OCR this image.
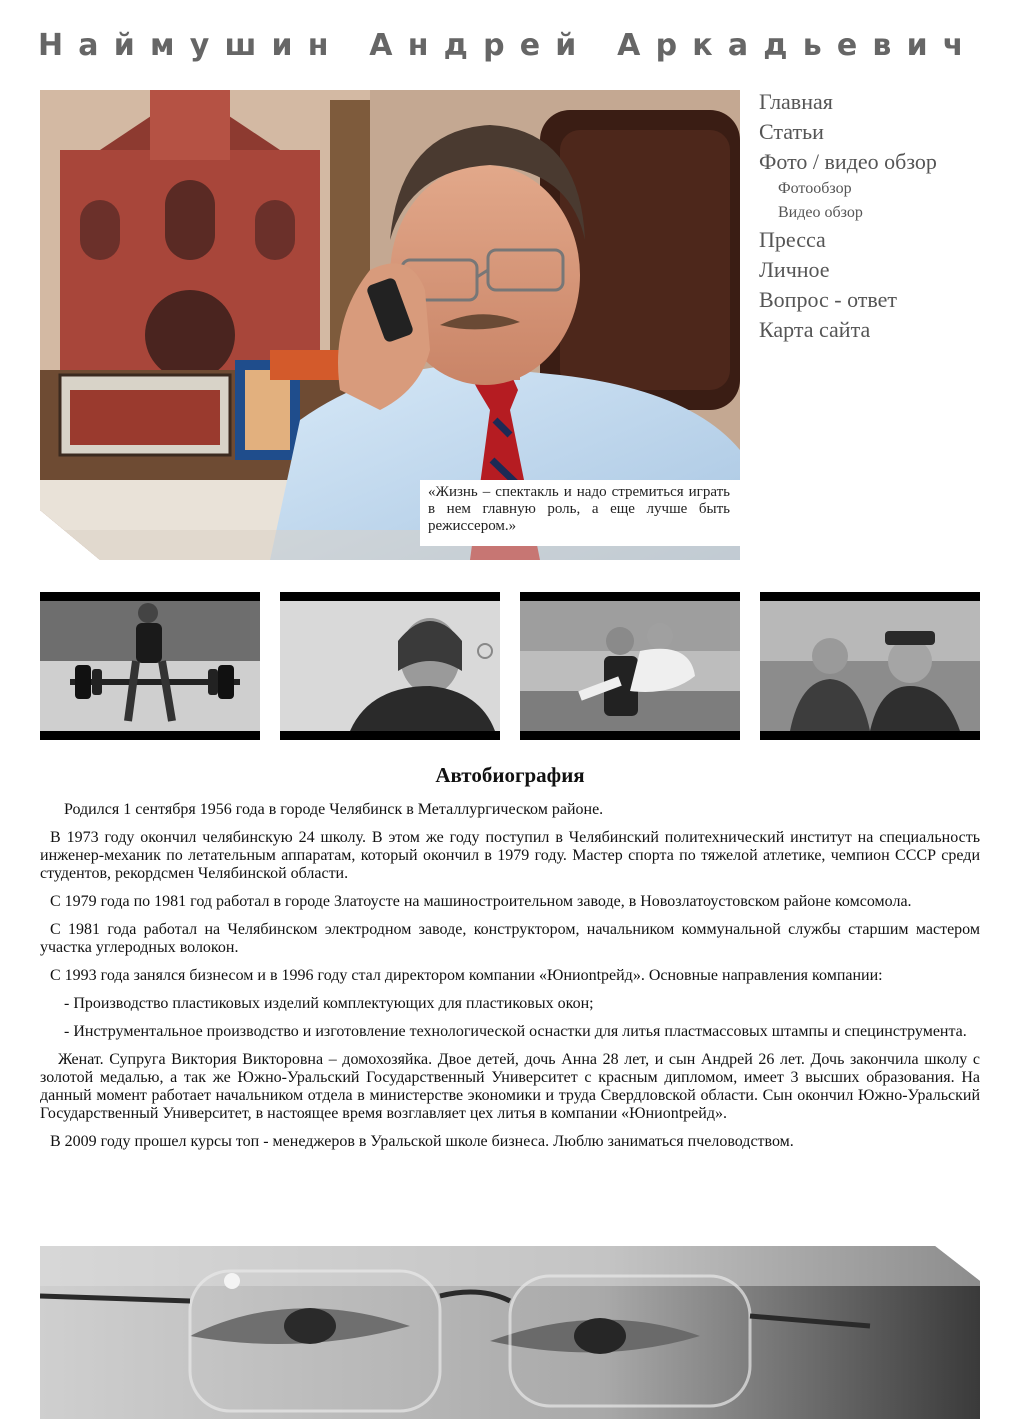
Наймушин Андрей Аркадьевич
«Жизнь – спектакль и надо стремиться играть в нем главную роль, а еще лучше быть режиссером.»
Главная
Статьи
Фото / видео обзор
Фотообзор
Видео обзор
Пресса
Личное
Вопрос - ответ
Карта сайта
Автобиография

Родился 1 сентября 1956 года в городе Челябинск в Металлургическом районе.

В 1973 году окончил челябинскую 24 школу. В этом же году поступил в Челябинский политехнический институт на специальность инженер-механик по летательным аппаратам, который окончил в 1979 году. Мастер спорта по тяжелой атлетике, чемпион СССР среди студентов, рекордсмен Челябинской области.

С 1979 года по 1981 год работал в городе Златоусте на машиностроительном заводе, в Новозлатоустовском районе комсомола.

С 1981 года работал на Челябинском электродном заводе, конструктором, начальником коммунальной службы старшим мастером участка углеродных волокон.

С 1993 года занялся бизнесом и в 1996 году стал директором компании «Юниontрейд». Основные направления компании:

- Производство пластиковых изделий комплектующих для пластиковых окон;

- Инструментальное производство и изготовление технологической оснастки для литья пластмассовых штампы и специнструмента.

Женат. Супруга Виктория Викторовна – домохозяйка. Двое детей, дочь Анна 28 лет, и сын Андрей 26 лет. Дочь закончила школу с золотой медалью, а так же Южно-Уральский Государственный Университет с красным дипломом, имеет 3 высших образования. На данный момент работает начальником отдела в министерстве экономики и труда Свердловской области. Сын окончил Южно-Уральский Государственный Университет, в настоящее время возглавляет цех литья в компании «Юниontрейд».

В 2009 году прошел курсы топ - менеджеров в Уральской школе бизнеса. Люблю заниматься пчеловодством.
